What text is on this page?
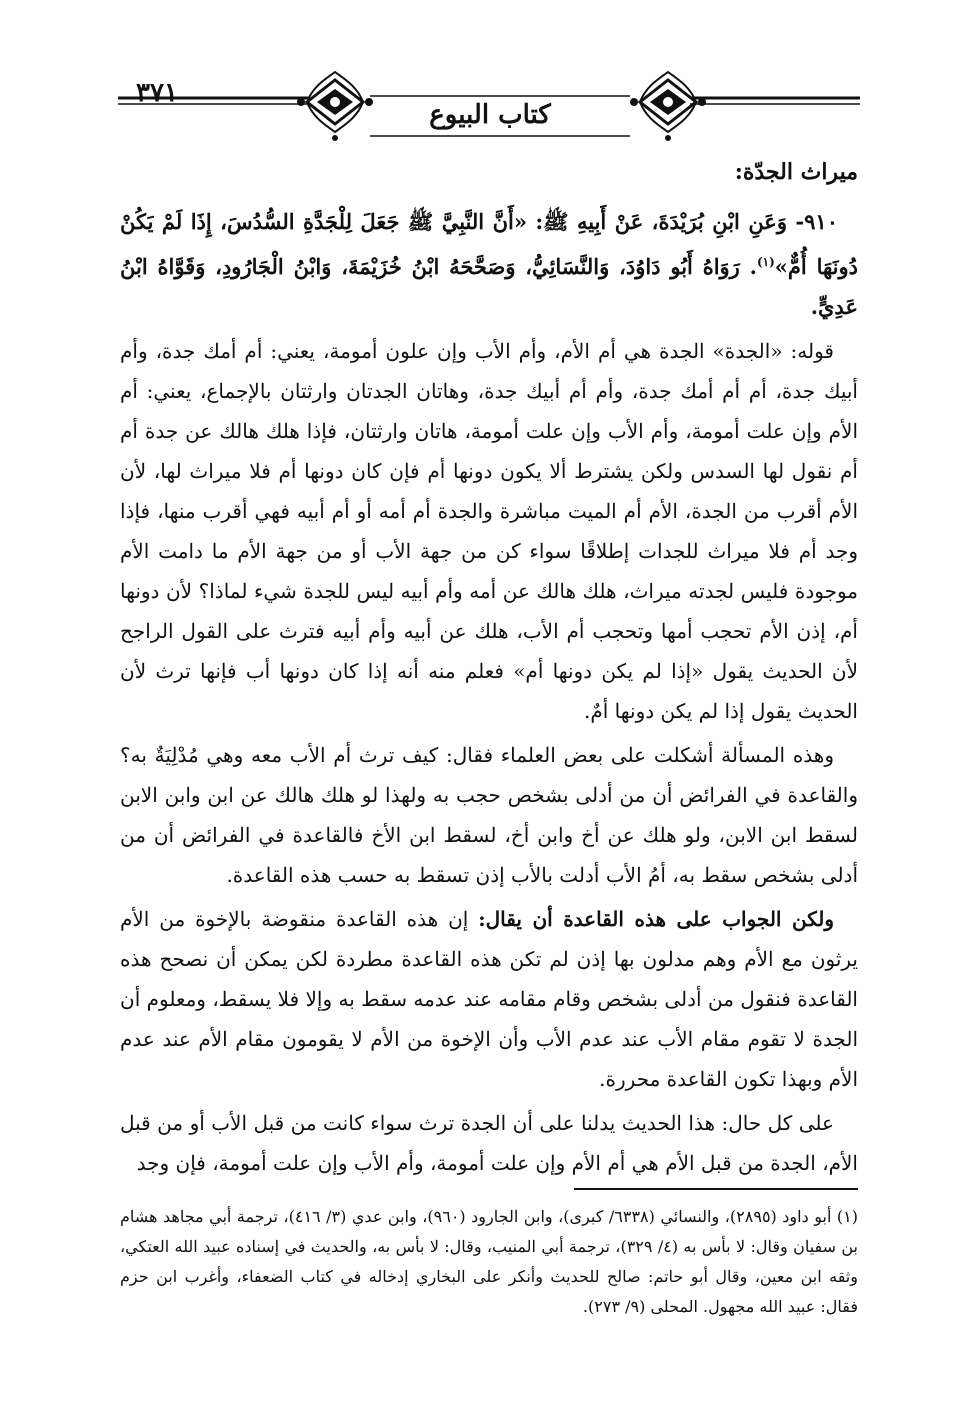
٣٧١
كتاب البيوع
ميراث الجدّة:

٩١٠- وَعَنِ ابْنِ بُرَيْدَةَ، عَنْ أَبِيهِ ﷺ: «أَنَّ النَّبِيَّ ﷺ جَعَلَ لِلْجَدَّةِ السُّدُسَ، إِذَا لَمْ يَكُنْ دُونَهَا أُمٌّ»$^{(١)}$. رَوَاهُ أَبُو دَاوُدَ، وَالنَّسَائِيُّ، وَصَحَّحَهُ ابْنُ خُزَيْمَةَ، وَابْنُ الْجَارُودِ، وَقَوَّاهُ ابْنُ عَدِيٍّ.

قوله: «الجدة» الجدة هي أم الأم، وأم الأب وإن علون أمومة، يعني: أم أمك جدة، وأم أبيك جدة، أم أم أمك جدة، وأم أم أبيك جدة، وهاتان الجدتان وارثتان بالإجماع، يعني: أم الأم وإن علت أمومة، وأم الأب وإن علت أمومة، هاتان وارثتان، فإذا هلك هالك عن جدة أم أم نقول لها السدس ولكن يشترط ألا يكون دونها أم فإن كان دونها أم فلا ميراث لها، لأن الأم أقرب من الجدة، الأم أم الميت مباشرة والجدة أم أمه أو أم أبيه فهي أقرب منها، فإذا وجد أم فلا ميراث للجدات إطلاقًا سواء كن من جهة الأب أو من جهة الأم ما دامت الأم موجودة فليس لجدته ميراث، هلك هالك عن أمه وأم أبيه ليس للجدة شيء لماذا؟ لأن دونها أم، إذن الأم تحجب أمها وتحجب أم الأب، هلك عن أبيه وأم أبيه فترث على القول الراجح لأن الحديث يقول «إذا لم يكن دونها أم» فعلم منه أنه إذا كان دونها أب فإنها ترث لأن الحديث يقول إذا لم يكن دونها أمٌ.

وهذه المسألة أشكلت على بعض العلماء فقال: كيف ترث أم الأب معه وهي مُدْلِيَةٌ به؟ والقاعدة في الفرائض أن من أدلى بشخص حجب به ولهذا لو هلك هالك عن ابن وابن الابن لسقط ابن الابن، ولو هلك عن أخ وابن أخ، لسقط ابن الأخ فالقاعدة في الفرائض أن من أدلى بشخص سقط به، أمُ الأب أدلت بالأب إذن تسقط به حسب هذه القاعدة.

ولكن الجواب على هذه القاعدة أن يقال: إن هذه القاعدة منقوضة بالإخوة من الأم يرثون مع الأم وهم مدلون بها إذن لم تكن هذه القاعدة مطردة لكن يمكن أن نصحح هذه القاعدة فنقول من أدلى بشخص وقام مقامه عند عدمه سقط به وإلا فلا يسقط، ومعلوم أن الجدة لا تقوم مقام الأب عند عدم الأب وأن الإخوة من الأم لا يقومون مقام الأم عند عدم الأم وبهذا تكون القاعدة محررة.

على كل حال: هذا الحديث يدلنا على أن الجدة ترث سواء كانت من قبل الأب أو من قبل الأم، الجدة من قبل الأم هي أم الأم وإن علت أمومة، وأم الأب وإن علت أمومة، فإن وجد

(١) أبو داود (٢٨٩٥)، والنسائي (٦٣٣٨/ كبرى)، وابن الجارود (٩٦٠)، وابن عدي (٣/ ٤١٦)، ترجمة أبي مجاهد هشام بن سفيان وقال: لا بأس به (٤/ ٣٢٩)، ترجمة أبي المنيب، وقال: لا بأس به، والحديث في إسناده عبيد الله العتكي، وثقه ابن معين، وقال أبو حاتم: صالح للحديث وأنكر على البخاري إدخاله في كتاب الضعفاء، وأغرب ابن حزم فقال: عبيد الله مجهول. المحلى (٩/ ٢٧٣).
